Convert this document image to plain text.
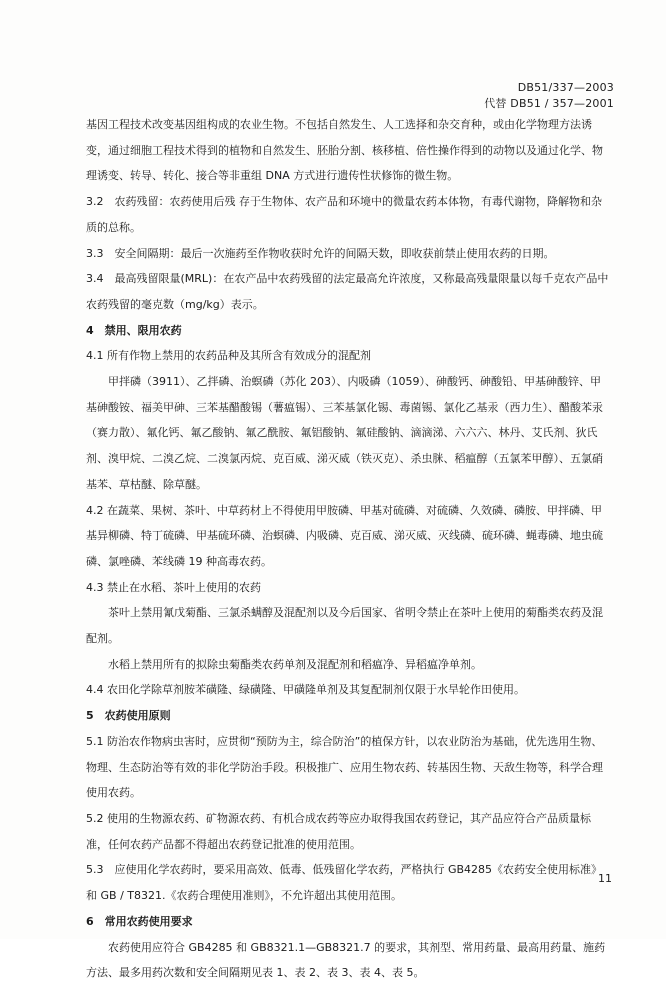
DB51/337—2003
代替 DB51 / 357—2001

基因工程技术改变基因组构成的农业生物。不包括自然发生、人工选择和杂交育种，或由化学物理方法诱变，通过细胞工程技术得到的植物和自然发生、胚胎分割、核移植、倍性操作得到的动物以及通过化学、物理诱变、转导、转化、接合等非重组 DNA 方式进行遗传性状修饰的微生物。

3.2　农药残留：农药使用后残 存于生物体、农产品和环境中的微量农药本体物，有毒代谢物，降解物和杂质的总称。

3.3　安全间隔期：最后一次施药至作物收获时允许的间隔天数，即收获前禁止使用农药的日期。

3.4　最高残留限量(MRL)：在农产品中农药残留的法定最高允许浓度，又称最高残量限量以每千克农产品中农药残留的毫克数（mg/kg）表示。

4　禁用、限用农药

4.1 所有作物上禁用的农药品种及其所含有效成分的混配剂

甲拌磷（3911）、乙拌磷、治螟磷（苏化 203）、内吸磷（1059）、砷酸钙、砷酸铅、甲基砷酸锌、甲基砷酸铵、福美甲砷、三苯基醋酸锡（薯瘟锡）、三苯基氯化锡、毒菌锡、氯化乙基汞（西力生）、醋酸苯汞（赛力散）、氟化钙、氟乙酸钠、氟乙酰胺、氟铝酸钠、氟硅酸钠、滴滴涕、六六六、林丹、艾氏剂、狄氏剂、溴甲烷、二溴乙烷、二溴氯丙烷、克百威、涕灭威（铁灭克）、杀虫脒、稻瘟醇（五氯苯甲醇）、五氯硝基苯、草枯醚、除草醚。

4.2 在蔬菜、果树、茶叶、中草药材上不得使用甲胺磷、甲基对硫磷、对硫磷、久效磷、磷胺、甲拌磷、甲基异柳磷、特丁硫磷、甲基硫环磷、治螟磷、内吸磷、克百威、涕灭威、灭线磷、硫环磷、蝇毒磷、地虫硫磷、氯唑磷、苯线磷 19 种高毒农药。

4.3 禁止在水稻、茶叶上使用的农药

茶叶上禁用氰戊菊酯、三氯杀螨醇及混配剂以及今后国家、省明令禁止在茶叶上使用的菊酯类农药及混配剂。

水稻上禁用所有的拟除虫菊酯类农药单剂及混配剂和稻瘟净、异稻瘟净单剂。

4.4 农田化学除草剂胺苯磺隆、绿磺隆、甲磺隆单剂及其复配制剂仅限于水旱轮作田使用。

5　农药使用原则

5.1 防治农作物病虫害时，应贯彻“预防为主，综合防治”的植保方针，以农业防治为基础，优先选用生物、物理、生态防治等有效的非化学防治手段。积极推广、应用生物农药、转基因生物、天敌生物等，科学合理使用农药。

5.2 使用的生物源农药、矿物源农药、有机合成农药等应办取得我国农药登记，其产品应符合产品质量标准，任何农药产品都不得超出农药登记批准的使用范围。

5.3　应使用化学农药时，要采用高效、低毒、低残留化学农药，严格执行 GB4285《农药安全使用标准》和 GB / T8321.《农药合理使用准则》，不允许超出其使用范围。

6　常用农药使用要求

农药使用应符合 GB4285 和 GB8321.1—GB8321.7 的要求，其剂型、常用药量、最高用药量、施药方法、最多用药次数和安全间隔期见表 1、表 2、表 3、表 4、表 5。

11
